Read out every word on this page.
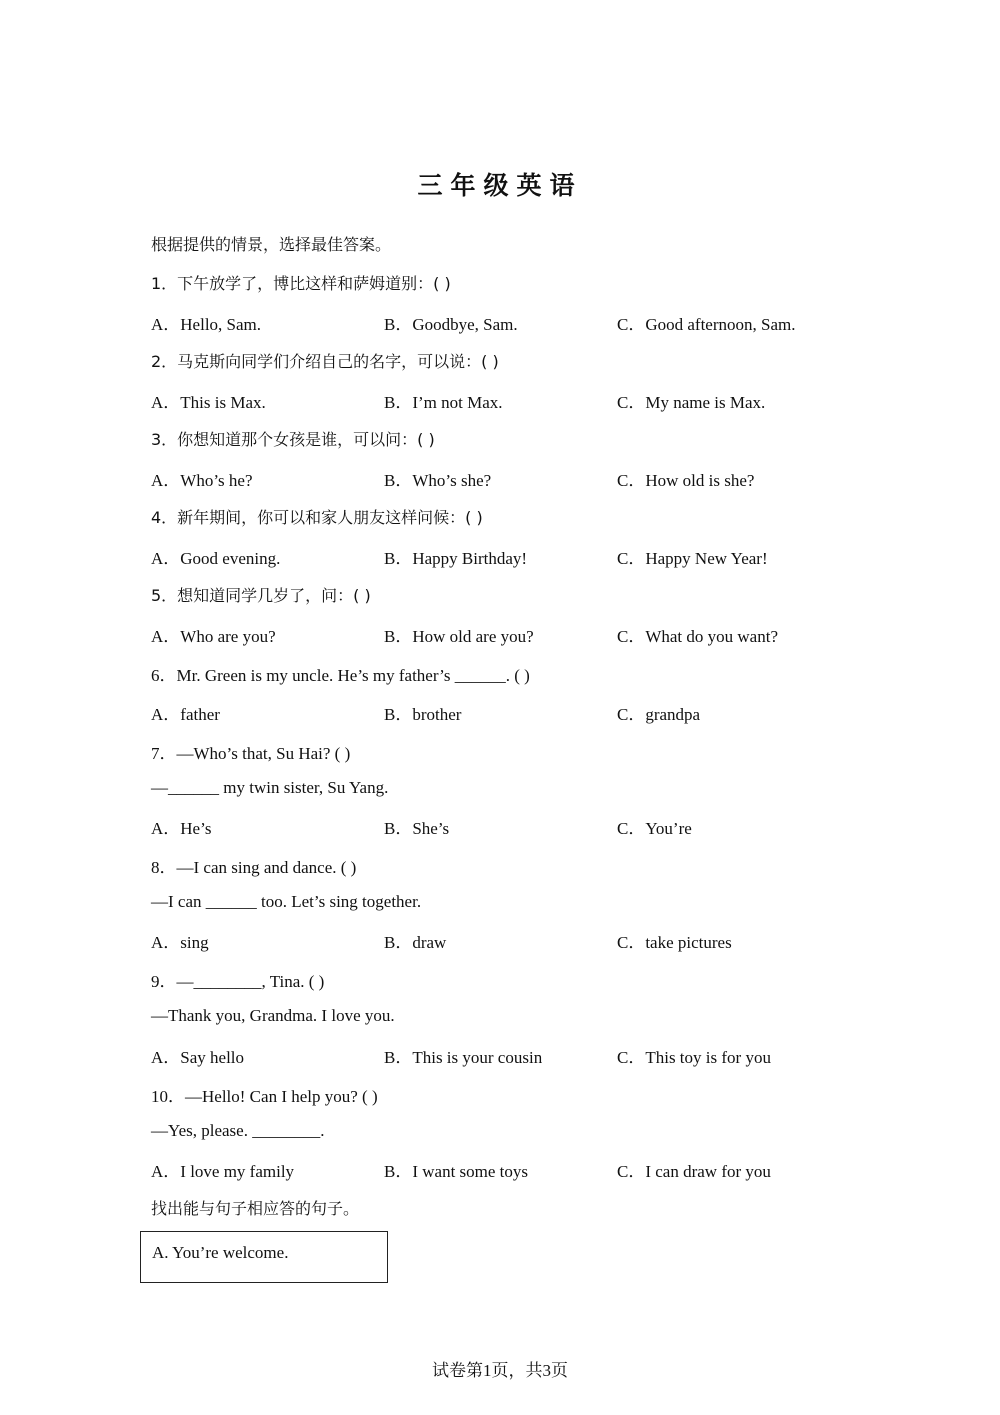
三年级英语
根据提供的情景，选择最佳答案。
1．下午放学了，博比这样和萨姆道别：( )
A．Hello, Sam.	B．Goodbye, Sam.	C．Good afternoon, Sam.
2．马克斯向同学们介绍自己的名字，可以说：( )
A．This is Max.	B．I’m not Max.	C．My name is Max.
3．你想知道那个女孩是谁，可以问：( )
A．Who’s he?	B．Who’s she?	C．How old is she?
4．新年期间，你可以和家人朋友这样问候：( )
A．Good evening.	B．Happy Birthday!	C．Happy New Year!
5．想知道同学几岁了，问：( )
A．Who are you?	B．How old are you?	C．What do you want?
6．Mr. Green is my uncle. He’s my father’s ______. ( )
A．father	B．brother	C．grandpa
7．—Who’s that, Su Hai? ( )
—______ my twin sister, Su Yang.
A．He’s	B．She’s	C．You’re
8．—I can sing and dance. ( )
—I can ______ too. Let’s sing together.
A．sing	B．draw	C．take pictures
9．—________, Tina. ( )
—Thank you, Grandma. I love you.
A．Say hello	B．This is your cousin	C．This toy is for you
10．—Hello! Can I help you? ( )
—Yes, please. ________.
A．I love my family	B．I want some toys	C．I can draw for you
找出能与句子相应答的句子。
A. You’re welcome.
试卷第1页，共3页
